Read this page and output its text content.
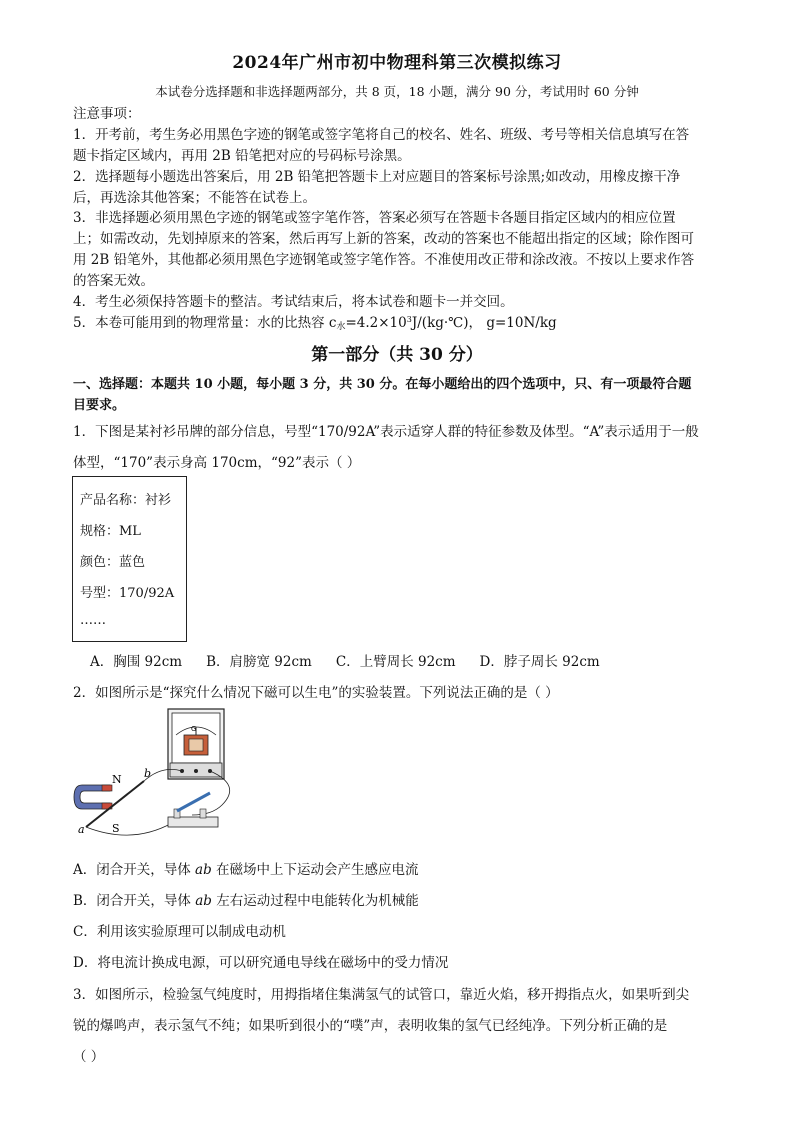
2024年广州市初中物理科第三次模拟练习
本试卷分选择题和非选择题两部分，共 8 页，18 小题，满分 90 分，考试用时 60 分钟
注意事项：
1．开考前，考生务必用黑色字迹的钢笔或签字笔将自己的校名、姓名、班级、考号等相关信息填写在答
题卡指定区域内，再用 2B 铅笔把对应的号码标号涂黑。
2．选择题每小题选出答案后，用 2B 铅笔把答题卡上对应题目的答案标号涂黑;如改动，用橡皮擦干净
后，再选涂其他答案；不能答在试卷上。
3．非选择题必须用黑色字迹的钢笔或签字笔作答，答案必须写在答题卡各题目指定区域内的相应位置
上；如需改动，先划掉原来的答案，然后再写上新的答案，改动的答案也不能超出指定的区域；除作图可
用 2B 铅笔外，其他都必须用黑色字迹钢笔或签字笔作答。不准使用改正带和涂改液。不按以上要求作答
的答案无效。
4．考生必须保持答题卡的整洁。考试结束后，将本试卷和题卡一并交回。
5．本卷可能用到的物理常量：水的比热容 $c_水=4.2\times 10^3J/(kg\cdot℃)$， g=10N/kg
第一部分（共 30 分）
一、选择题：本题共 10 小题，每小题 3 分，共 30 分。在每小题给出的四个选项中，只、有一项最符合题
目要求。
1．下图是某衬衫吊牌的部分信息，号型“170/92A”表示适穿人群的特征参数及体型。“A”表示适用于一般
体型，“170”表示身高 170cm，“92”表示（ ）
产品名称：衬衫
规格：ML
颜色：蓝色
号型：170/92A
……
A．胸围 92cm B．肩膀宽 92cm C．上臂周长 92cm D．脖子周长 92cm
2．如图所示是“探究什么情况下磁可以生电”的实验装置。下列说法正确的是（ ）
G
N
S
a
b
A．闭合开关，导体 ab 在磁场中上下运动会产生感应电流
B．闭合开关，导体 ab 左右运动过程中电能转化为机械能
C．利用该实验原理可以制成电动机
D．将电流计换成电源，可以研究通电导线在磁场中的受力情况
3．如图所示，检验氢气纯度时，用拇指堵住集满氢气的试管口，靠近火焰，移开拇指点火，如果听到尖
锐的爆鸣声，表示氢气不纯；如果听到很小的“噗”声，表明收集的氢气已经纯净。下列分析正确的是
（ ）
